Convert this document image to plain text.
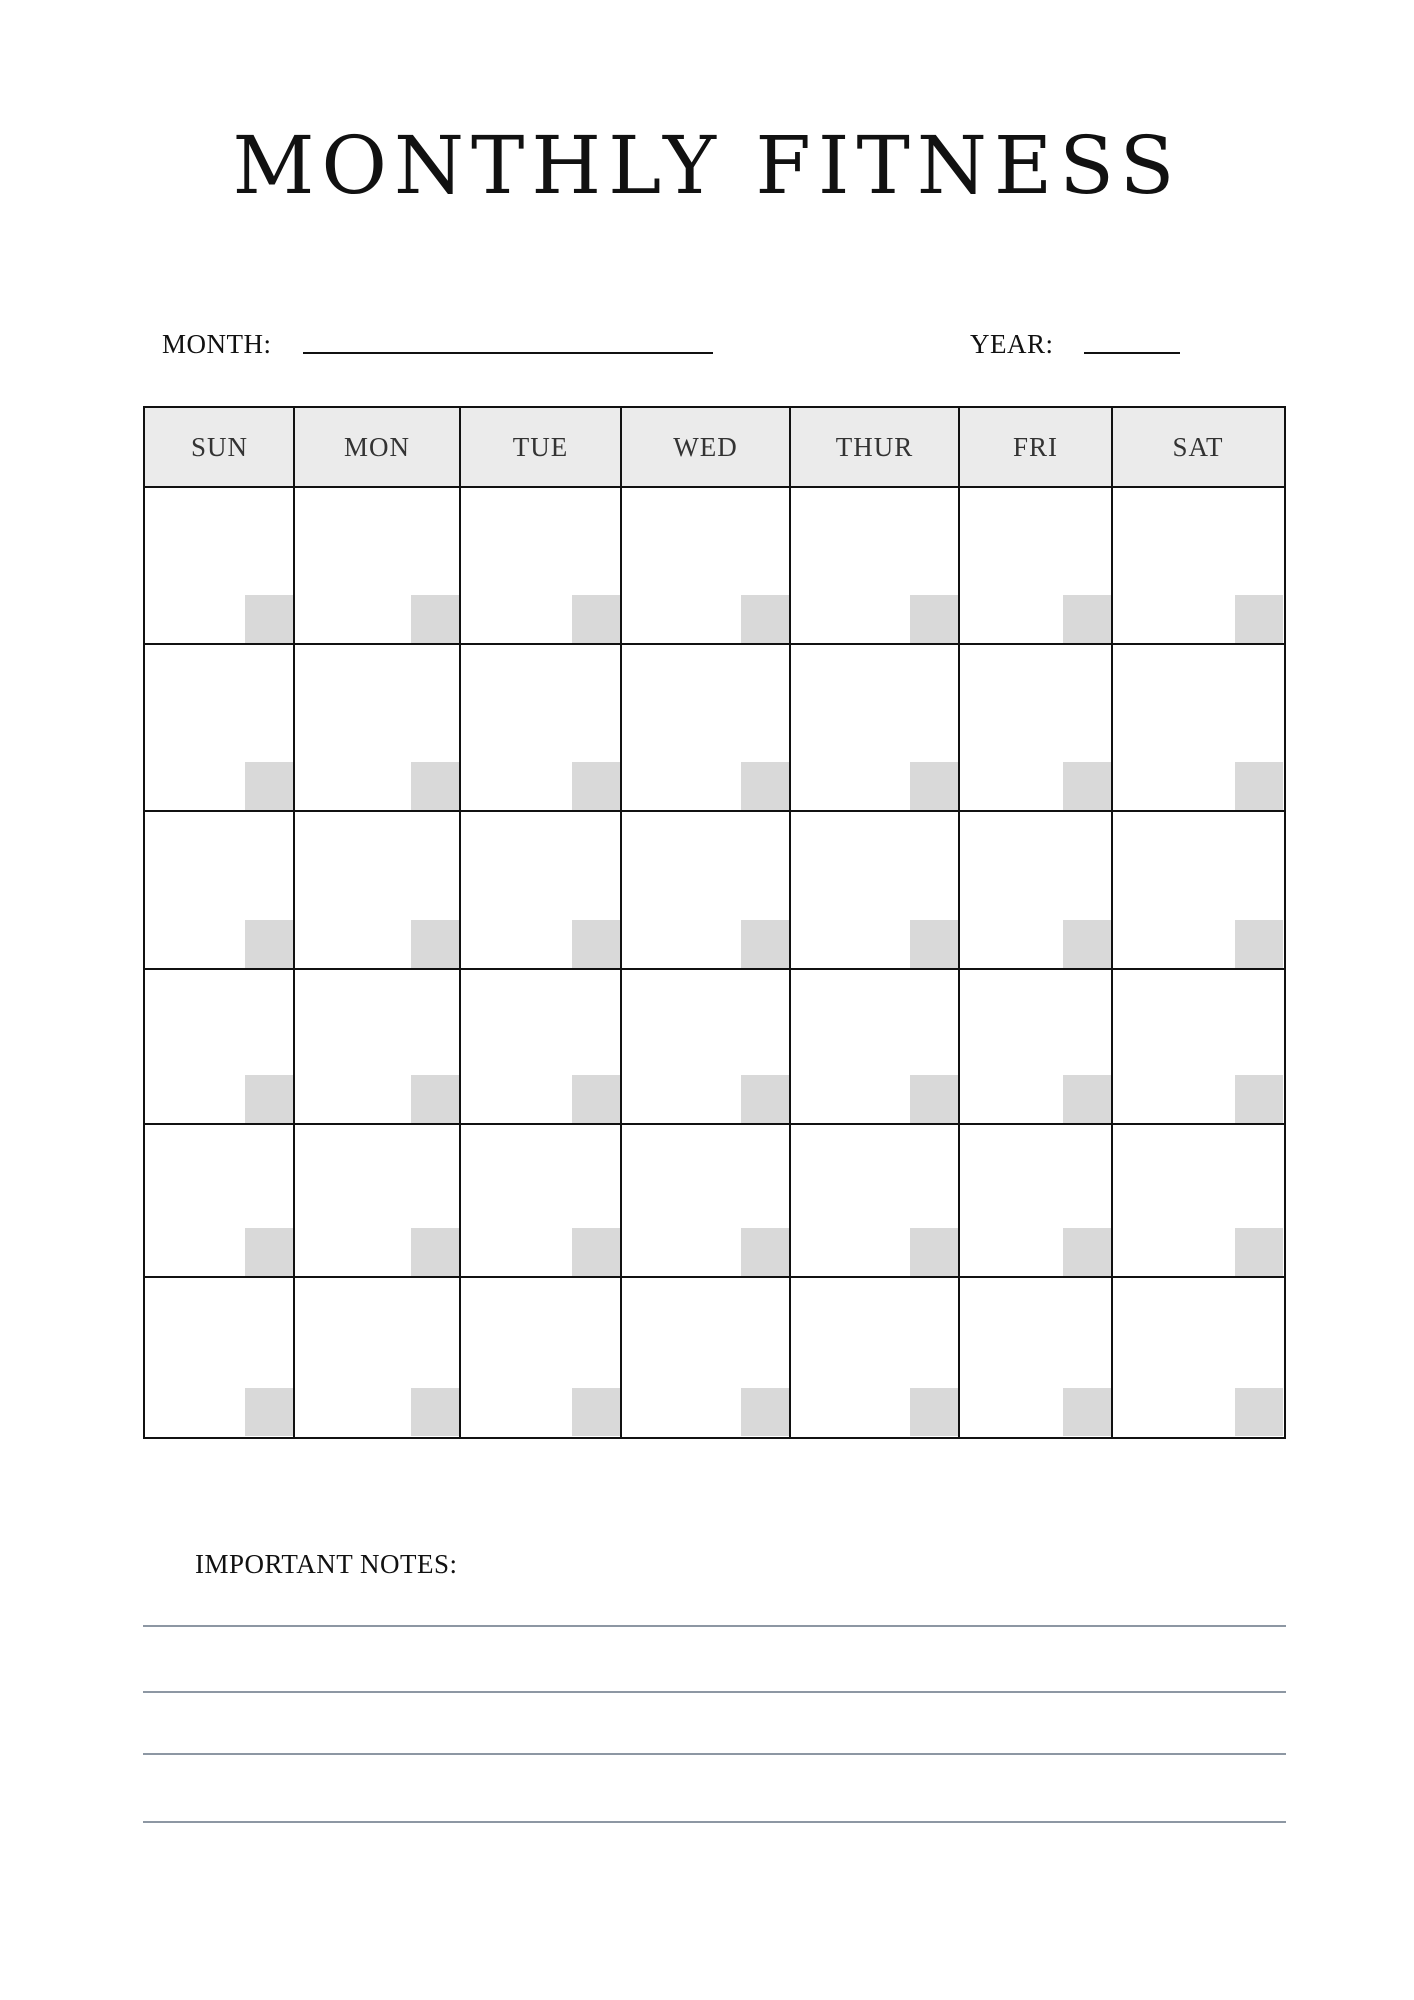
MONTHLY FITNESS
MONTH:	YEAR:
SUN	MON	TUE	WED	THUR	FRI	SAT
IMPORTANT NOTES:
